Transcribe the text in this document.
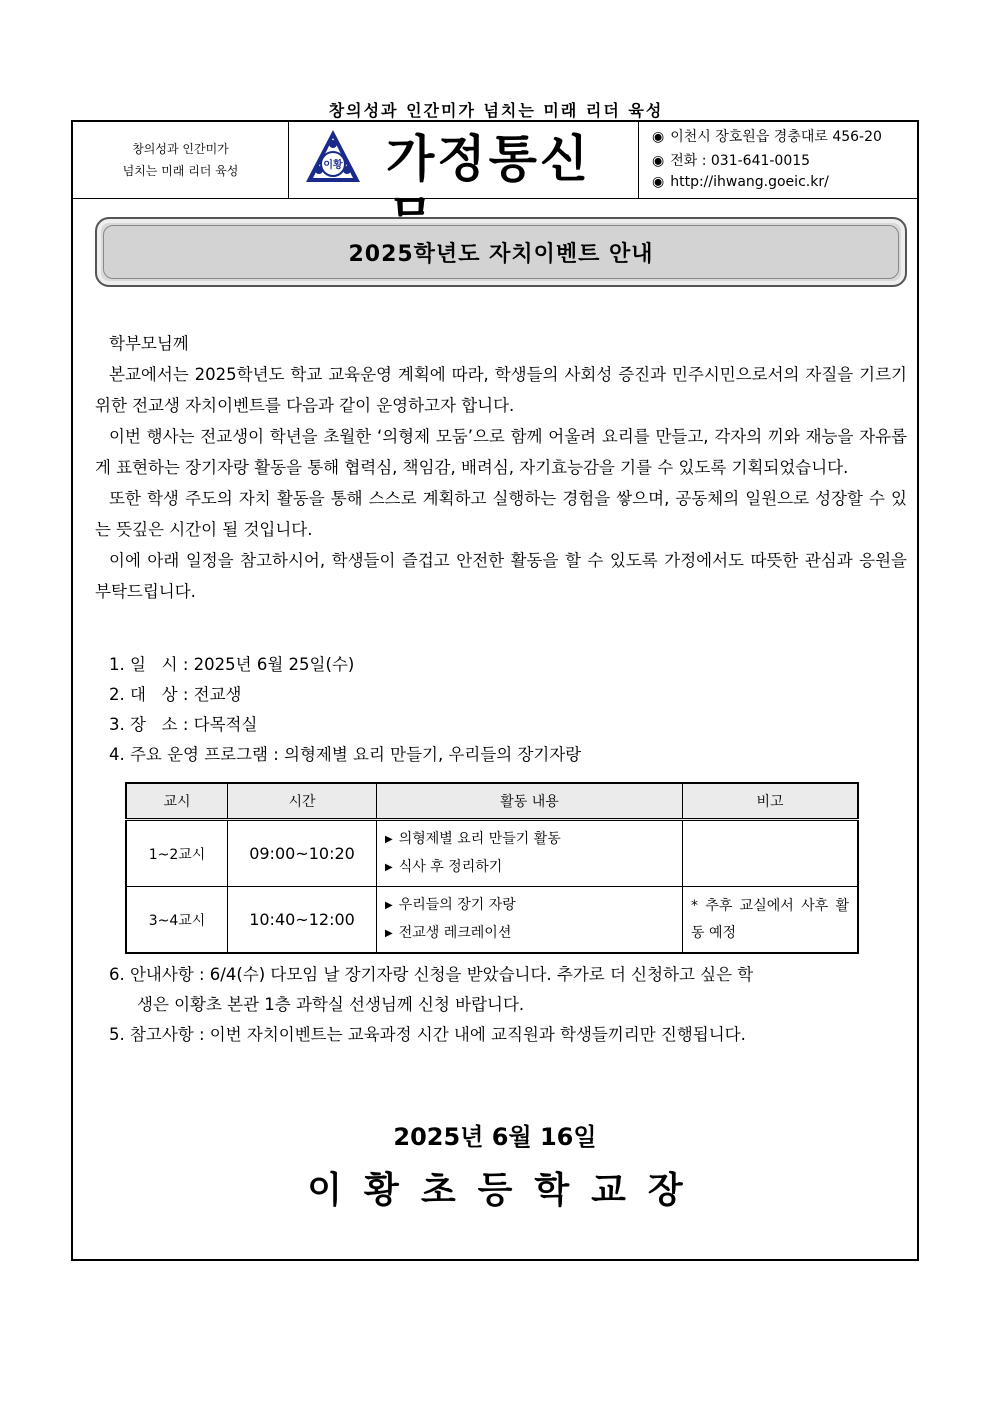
창의성과 인간미가 넘치는 미래 리더 육성
창의성과 인간미가
넘치는 미래 리더 육성	이황 가정통신	◉ 이천시 장호원읍 경충대로 456-20
◉ 전화 : 031-641-0015
◉ http://ihwang.goeic.kr/
2025학년도 자치이벤트 안내

학부모님께

본교에서는 2025학년도 학교 교육운영 계획에 따라, 학생들의 사회성 증진과 민주시민으로서의 자질을 기르기 위한 전교생 자치이벤트를 다음과 같이 운영하고자 합니다.

이번 행사는 전교생이 학년을 초월한 ‘의형제 모둠’으로 함께 어울려 요리를 만들고, 각자의 끼와 재능을 자유롭게 표현하는 장기자랑 활동을 통해 협력심, 책임감, 배려심, 자기효능감을 기를 수 있도록 기획되었습니다.

또한 학생 주도의 자치 활동을 통해 스스로 계획하고 실행하는 경험을 쌓으며, 공동체의 일원으로 성장할 수 있는 뜻깊은 시간이 될 것입니다.

이에 아래 일정을 참고하시어, 학생들이 즐겁고 안전한 활동을 할 수 있도록 가정에서도 따뜻한 관심과 응원을 부탁드립니다.

1. 일   시 : 2025년 6월 25일(수)
2. 대   상 : 전교생
3. 장   소 : 다목적실
4. 주요 운영 프로그램 : 의형제별 요리 만들기, 우리들의 장기자랑
교시	시간	활동 내용	비고
1~2교시	09:00~10:20	▶ 의형제별 요리 만들기 활동
▶ 식사 후 정리하기	

3~4교시	10:40~12:00	▶ 우리들의 장기 자랑
▶ 전교생 레크레이션	* 추후 교실에서 사후 활동 예정
6. 안내사항 : 6/4(수) 다모임 날 장기자랑 신청을 받았습니다. 추가로 더 신청하고 싶은 학
생은 이황초 본관 1층 과학실 선생님께 신청 바랍니다.
5. 참고사항 : 이번 자치이벤트는 교육과정 시간 내에 교직원과 학생들끼리만 진행됩니다.
2025년 6월 16일
이황초등학교장
